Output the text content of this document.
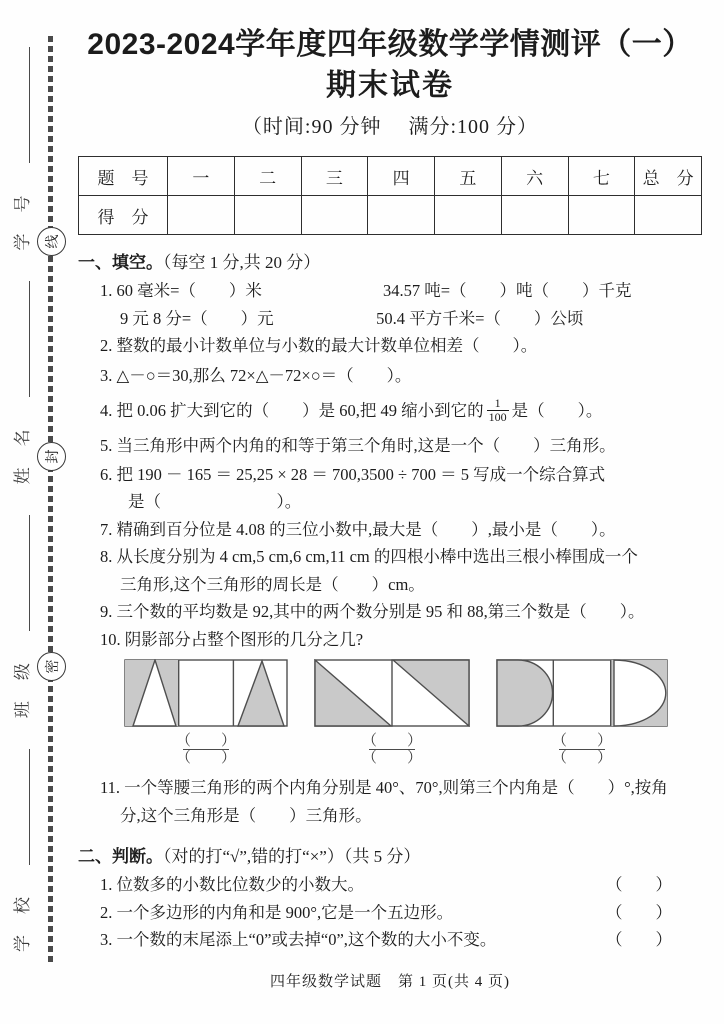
学　校
班　级
姓　名
学　号 线
封
密
2023-2024学年度四年级数学学情测评（一）
期末试卷
（时间:90 分钟　 满分:100 分）
题　号	一	二	三	四	五	六	七	总　分
得　分								
一、填空。（每空 1 分,共 20 分）
1. 60 毫米=（　　）米	34.57 吨=（　　）吨（　　）千克
9 元 8 分=（　　）元	50.4 平方千米=（　　）公顷
2. 整数的最小计数单位与小数的最大计数单位相差（　　）。
3. △－○＝30,那么 72×△－72×○＝（　　）。
4. 把 0.06 扩大到它的（　　）是 60,把 49 缩小到它的 $\frac{1}{100}$ 是（　　）。
5. 当三角形中两个内角的和等于第三个角时,这是一个（　　）三角形。
6. 把 190 － 165 ＝ 25,25 × 28 ＝ 700,3500 ÷ 700 ＝ 5 写成一个综合算式
是（　　　　　　　）。
7. 精确到百分位是 4.08 的三位小数中,最大是（　　）,最小是（　　）。
8. 从长度分别为 4 cm,5 cm,6 cm,11 cm 的四根小棒中选出三根小棒围成一个
三角形,这个三角形的周长是（　　）cm。
9. 三个数的平均数是 92,其中的两个数分别是 95 和 88,第三个数是（　　）。
10. 阴影部分占整个图形的几分之几?
$\frac{( )}{( )}$	$\frac{( )}{( )}$	$\frac{( )}{( )}$
11. 一个等腰三角形的两个内角分别是 40°、70°,则第三个内角是（　　）°,按角
分,这个三角形是（　　）三角形。
二、判断。（对的打“√”,错的打“×”）（共 5 分）
1. 位数多的小数比位数少的小数大。	（　　）
2. 一个多边形的内角和是 900°,它是一个五边形。	（　　）
3. 一个数的末尾添上“0”或去掉“0”,这个数的大小不变。	（　　）
四年级数学试题　第 1 页(共 4 页)
